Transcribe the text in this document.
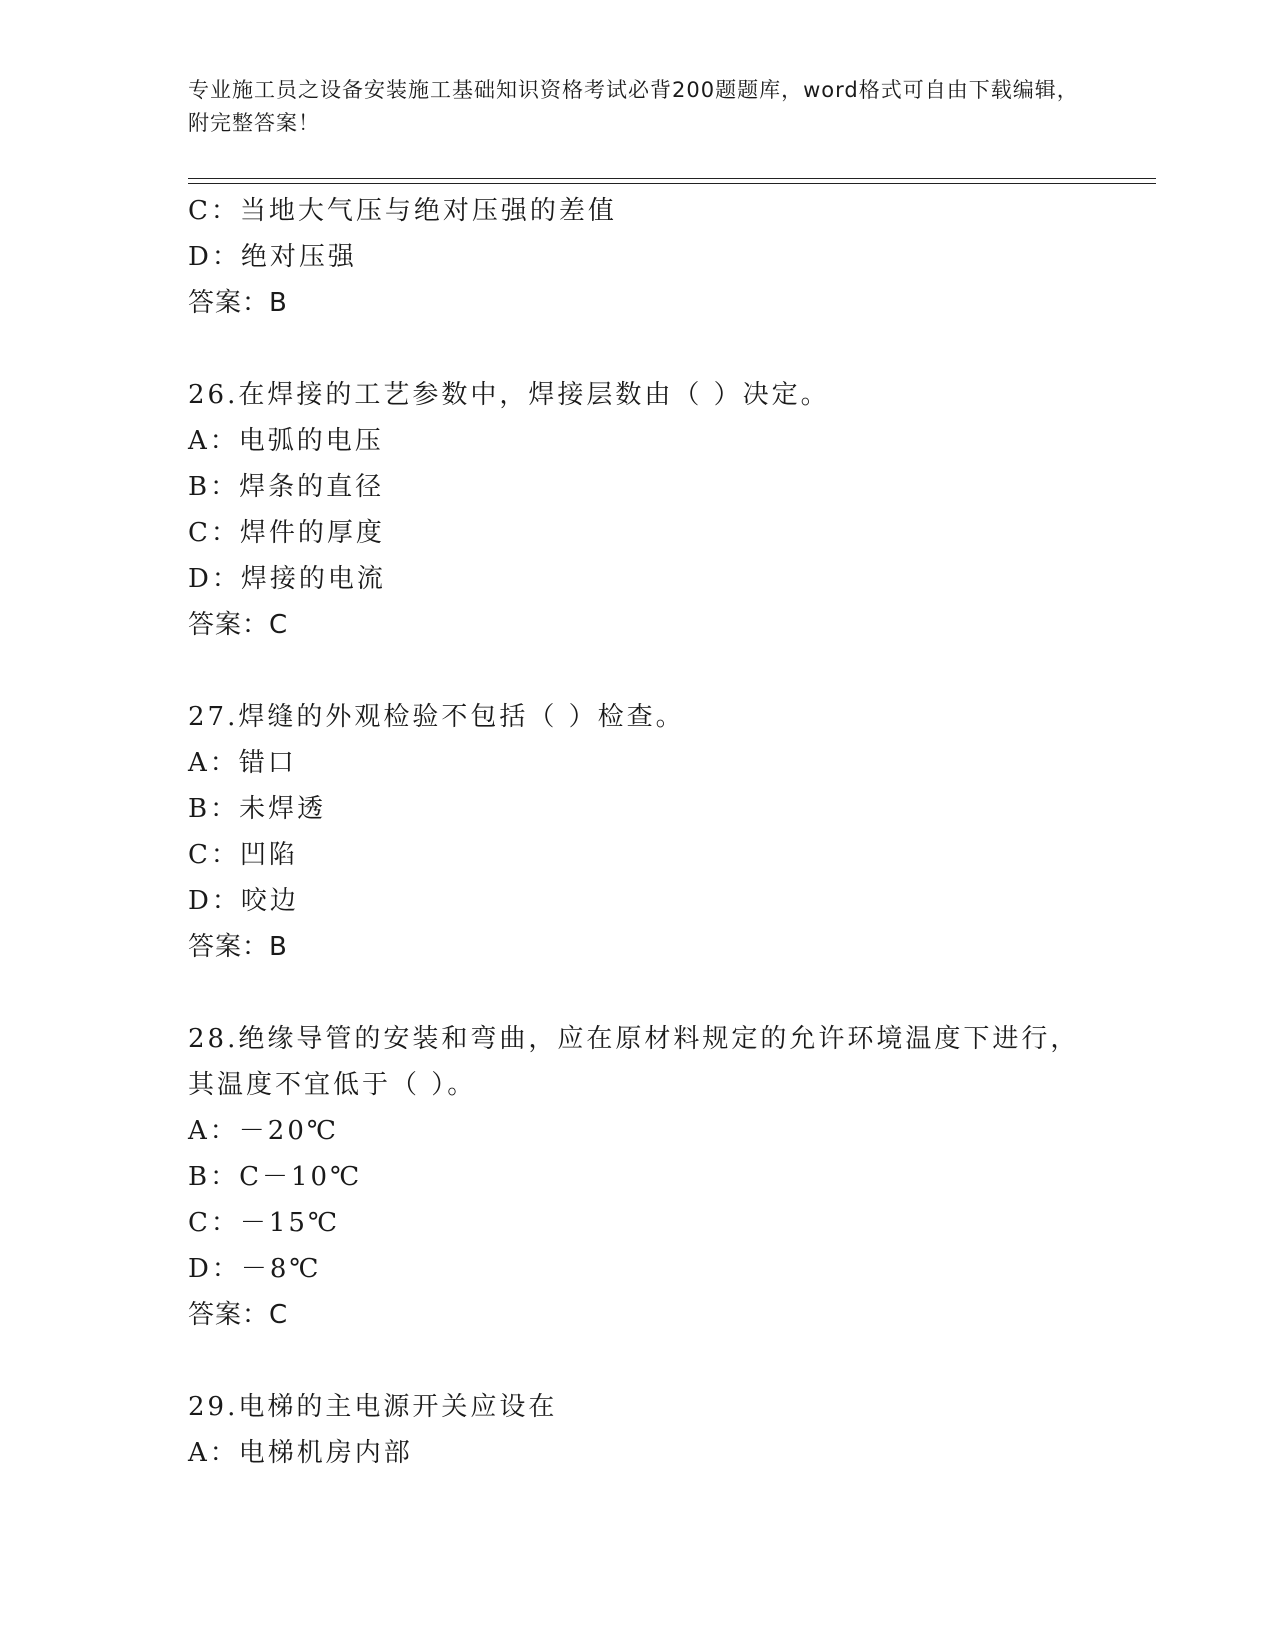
专业施工员之设备安装施工基础知识资格考试必背200题题库，word格式可自由下载编辑，附完整答案！
C：当地大气压与绝对压强的差值
D：绝对压强
答案：B
26.在焊接的工艺参数中，焊接层数由（ ）决定。
A：电弧的电压
B：焊条的直径
C：焊件的厚度
D：焊接的电流
答案：C
27.焊缝的外观检验不包括（ ）检查。
A：错口
B：未焊透
C：凹陷
D：咬边
答案：B
28.绝缘导管的安装和弯曲，应在原材料规定的允许环境温度下进行，
其温度不宜低于（ ）。
A：－20℃
B：C－10℃
C：－15℃
D：－8℃
答案：C
29.电梯的主电源开关应设在
A：电梯机房内部
